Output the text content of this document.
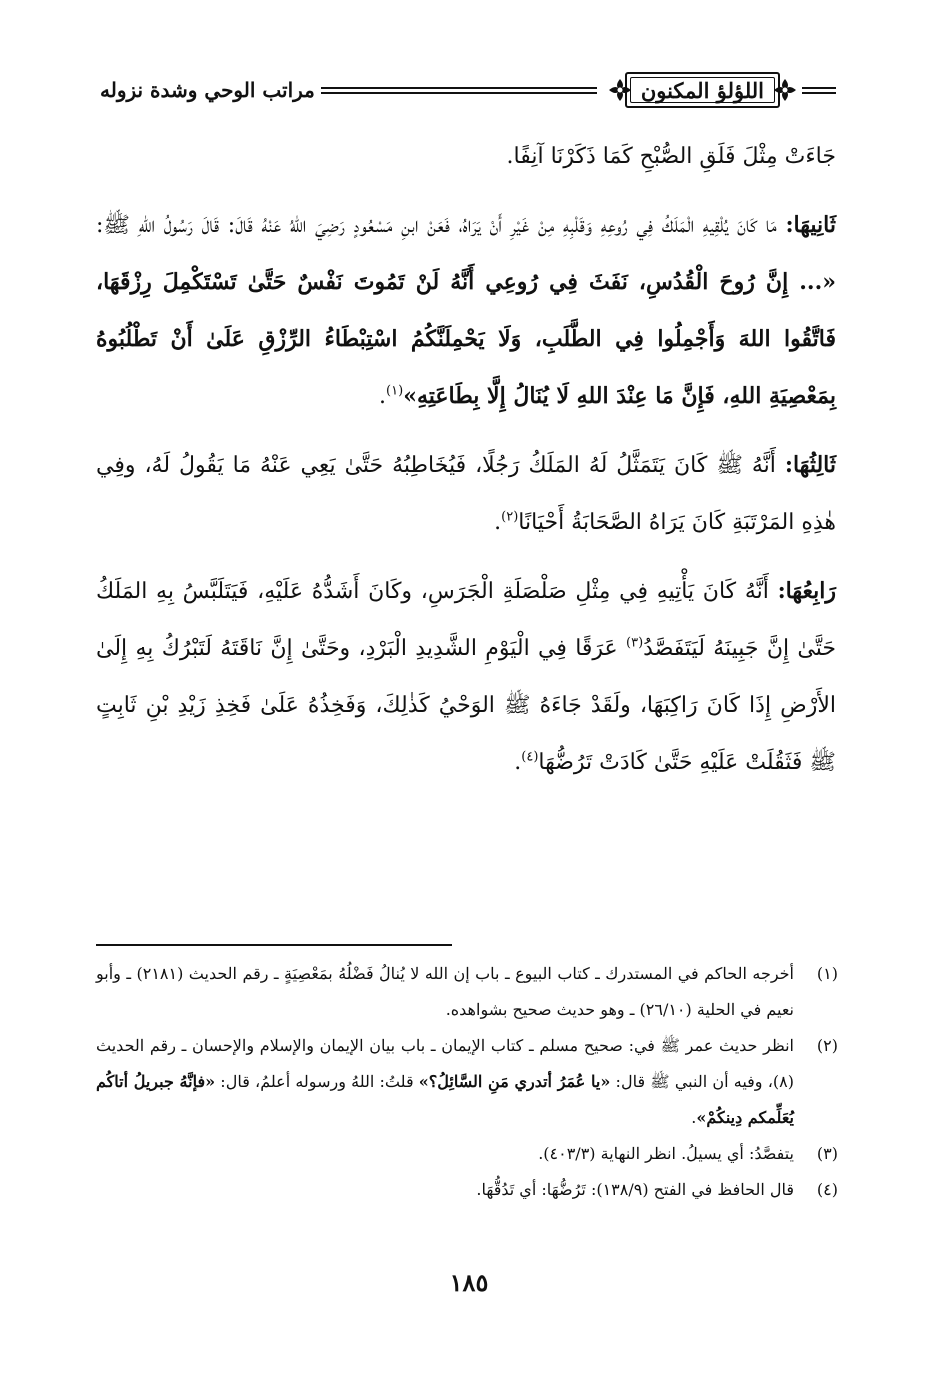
اللؤلؤ المكنون
مراتب الوحي وشدة نزوله

جَاءَتْ مِثْلَ فَلَقِ الصُّبْحِ كَمَا ذَكَرْنَا آنِفًا.

ثَانِيهَا: مَا كَانَ يُلْقِيهِ الْمَلَكُ فِي رُوعِهِ وَقَلْبِهِ مِنْ غَيْرِ أَنْ يَرَاهُ، فَعَنْ ابنِ مَسْعُودٍ رَضِيَ اللهُ عَنْهُ قَالَ: قَالَ رَسُولُ اللهِ ﷺ: «... إِنَّ رُوحَ الْقُدُسِ، نَفَثَ فِي رُوعِي أَنَّهُ لَنْ تَمُوتَ نَفْسٌ حَتَّىٰ تَسْتَكْمِلَ رِزْقَهَا، فَاتَّقُوا اللهَ وَأَجْمِلُوا فِي الطَّلَبِ، وَلَا يَحْمِلَنَّكُمُ اسْتِبْطَاءُ الرِّزْقِ عَلَىٰ أَنْ تَطْلُبُوهُ بِمَعْصِيَةِ اللهِ، فَإِنَّ مَا عِنْدَ اللهِ لَا يُنَالُ إِلَّا بِطَاعَتِهِ»$^{(١)}$.

ثَالِثُهَا: أَنَّهُ ﷺ كَانَ يَتَمَثَّلُ لَهُ المَلَكُ رَجُلًا، فَيُخَاطِبُهُ حَتَّىٰ يَعِي عَنْهُ مَا يَقُولُ لَهُ، وفِي هٰذِهِ المَرْتَبَةِ كَانَ يَرَاهُ الصَّحَابَةُ أَحْيَانًا$^{(٢)}$.

رَابِعُهَا: أَنَّهُ كَانَ يَأْتِيهِ فِي مِثْلِ صَلْصَلَةِ الْجَرَسِ، وكَانَ أَشَدُّهُ عَلَيْهِ، فَيَتَلَبَّسُ بِهِ المَلَكُ حَتَّىٰ إِنَّ جَبِينَهُ لَيَتَفَصَّدُ$^{(٣)}$ عَرَقًا فِي الْيَوْمِ الشَّدِيدِ الْبَرْدِ، وحَتَّىٰ إِنَّ نَاقَتَهُ لَتَبْرُكُ بِهِ إِلَىٰ الأَرْضِ إِذَا كَانَ رَاكِبَهَا، ولَقَدْ جَاءَهُ ﷺ الوَحْيُ كَذٰلِكَ، وَفَخِذُهُ عَلَىٰ فَخِذِ زَيْدِ بْنِ ثَابِتٍ ﷺ فَثَقُلَتْ عَلَيْهِ حَتَّىٰ كَادَتْ تَرُضُّهَا$^{(٤)}$.

(١)
أخرجه الحاكم في المستدرك ـ كتاب البيوع ـ باب إن الله لا يُنالُ فَضْلُهُ بمَعْصِيَةٍ ـ رقم الحديث (٢١٨١) ـ وأبو نعيم في الحلية (٢٦/١٠) ـ وهو حديث صحيح بشواهده.
(٢)
انظر حديث عمر ﷺ في: صحيح مسلم ـ كتاب الإيمان ـ باب بيان الإيمان والإسلام والإحسان ـ رقم الحديث (٨)، وفيه أن النبي ﷺ قال: «يا عُمَرُ أتدري مَنِ السَّائِلُ؟» قلتُ: اللهُ ورسوله أعلمُ، قال: «فإنَّهُ جبريلُ أتاكُم يُعَلِّمكم دِينكُمْ».
(٣)
يتفصَّدُ: أي يسيلُ. انظر النهاية (٤٠٣/٣).
(٤)
قال الحافظ في الفتح (١٣٨/٩): تَرُضُّهَا: أي تَدُقُّهَا.
١٨٥
